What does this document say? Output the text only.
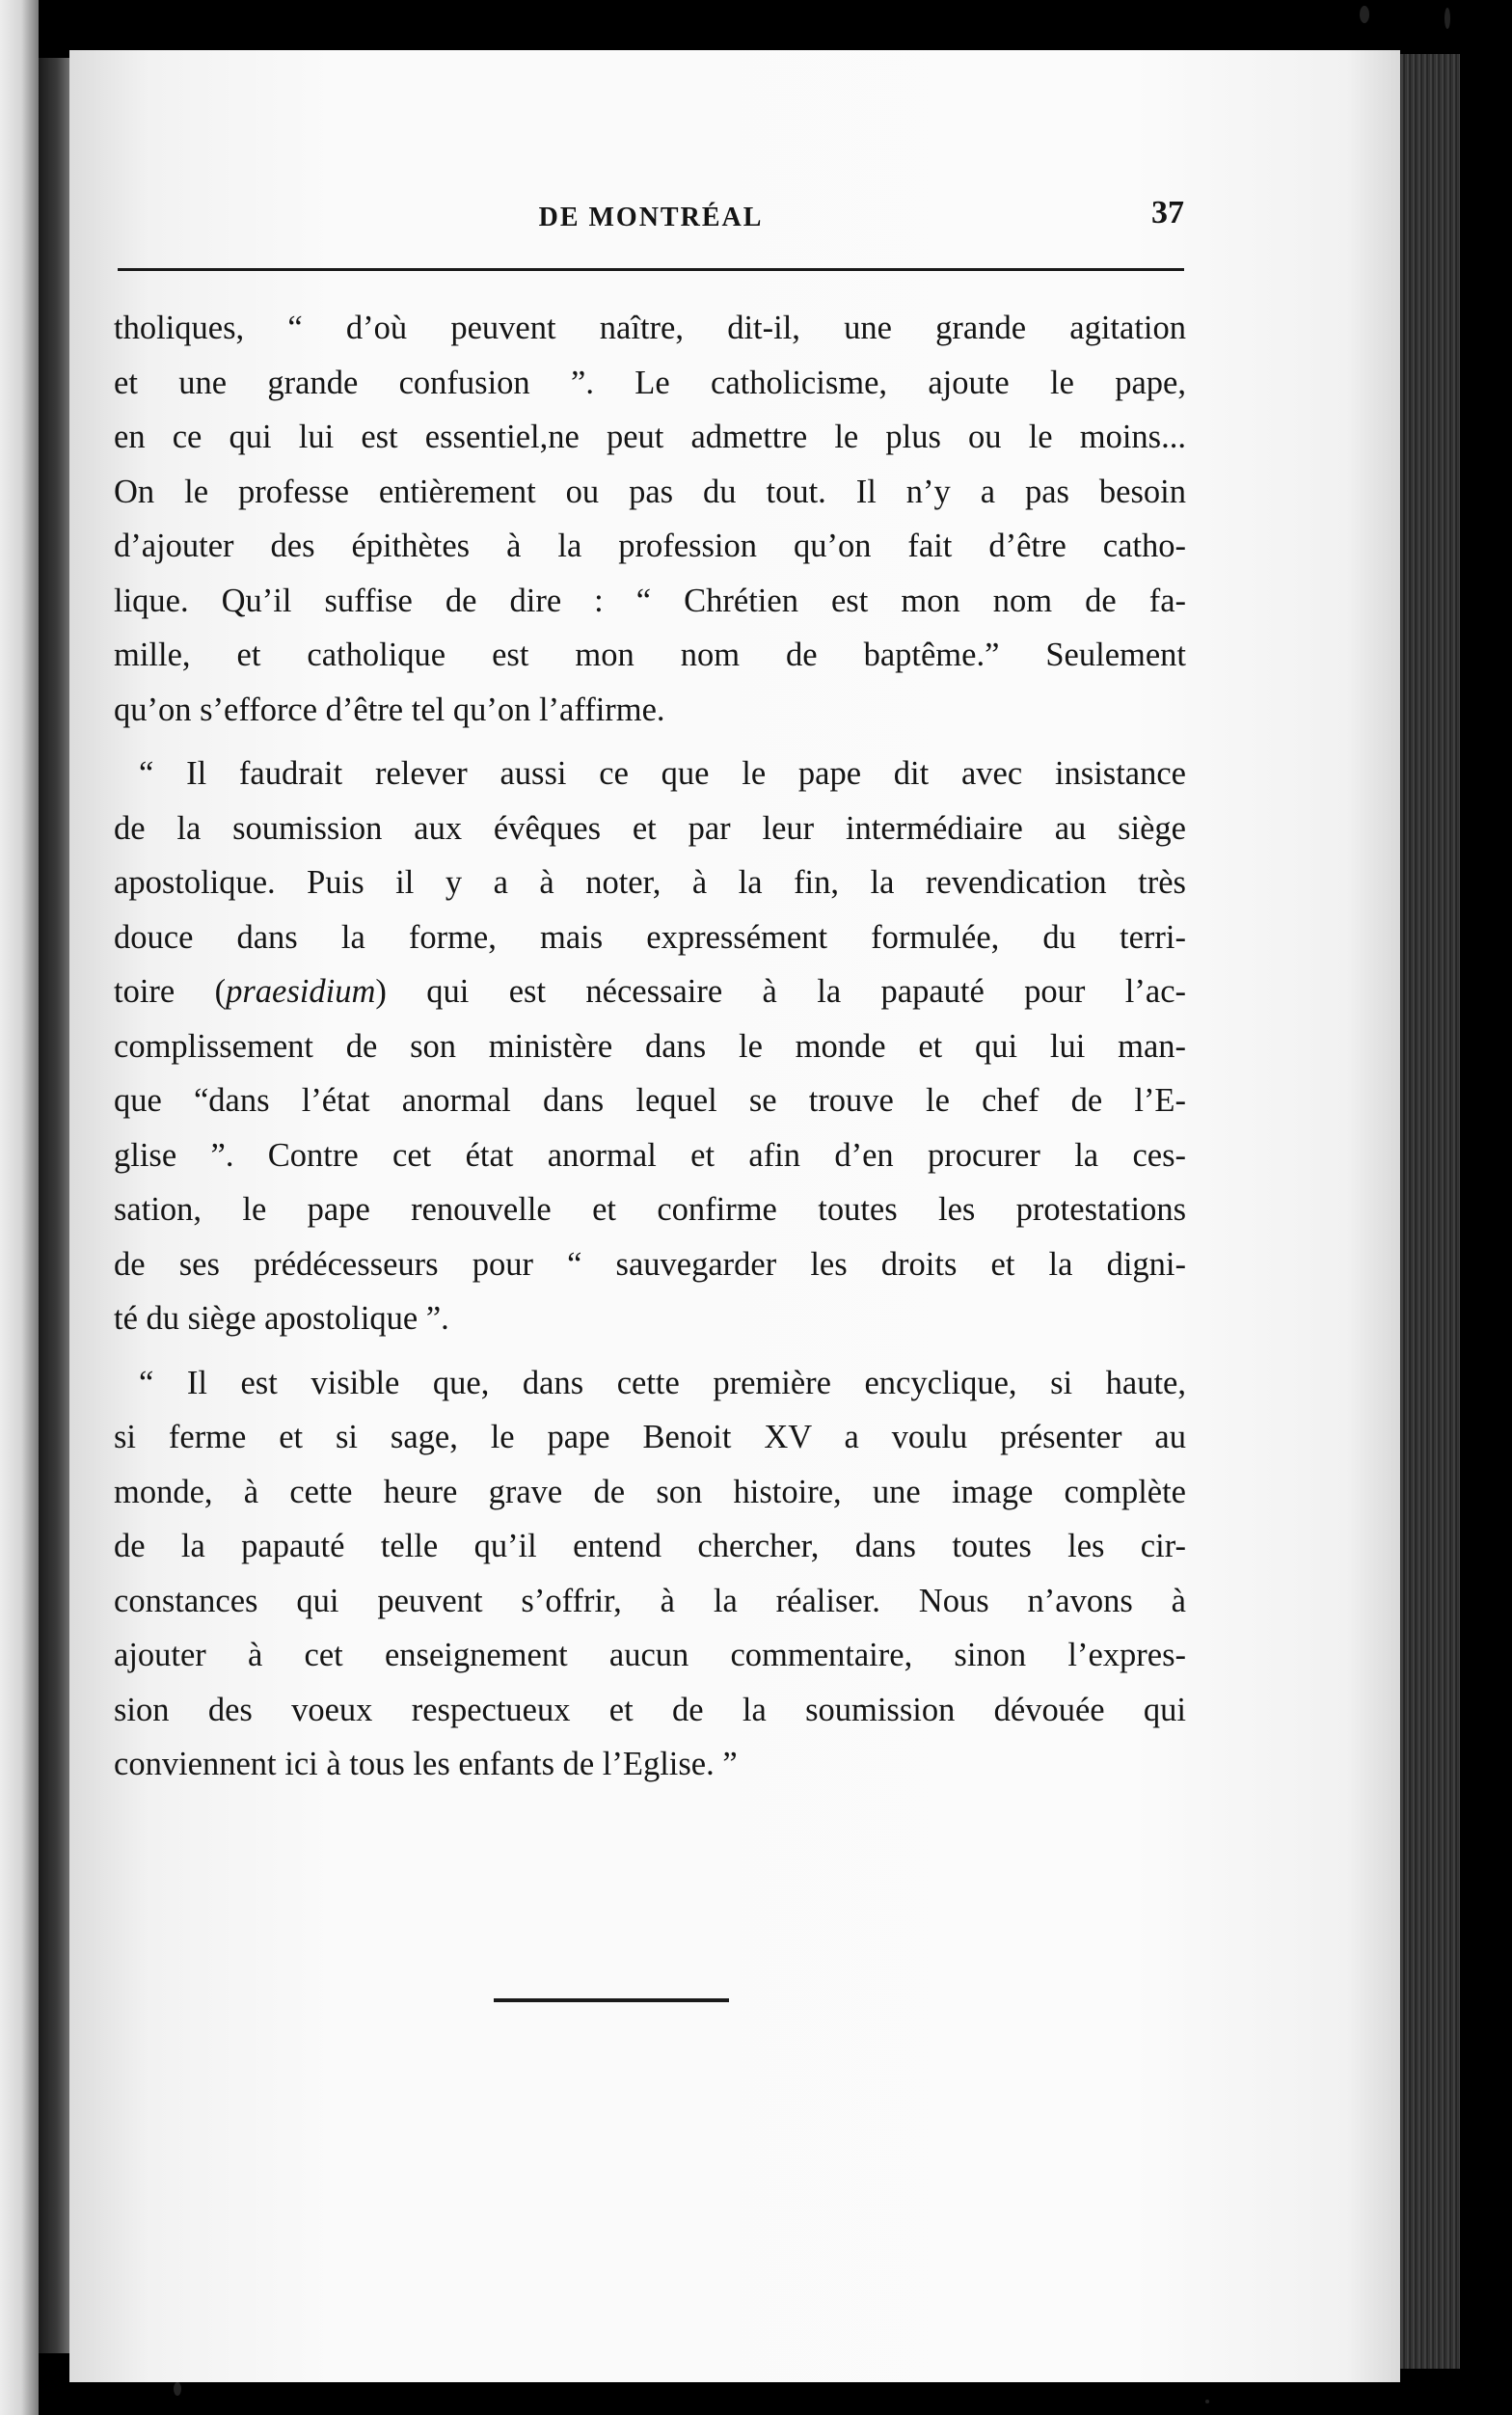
DE MONTRÉAL	37
tholiques, “ d’où peuvent naître, dit-il, une grande agitation
et une grande confusion ”. Le catholicisme, ajoute le pape,
en ce qui lui est essentiel,ne peut admettre le plus ou le moins...
On le professe entièrement ou pas du tout. Il n’y a pas besoin
d’ajouter des épithètes à la profession qu’on fait d’être catho-
lique. Qu’il suffise de dire : “ Chrétien est mon nom de fa-
mille, et catholique est mon nom de baptême.” Seulement
qu’on s’efforce d’être tel qu’on l’affirme.
“ Il faudrait relever aussi ce que le pape dit avec insistance
de la soumission aux évêques et par leur intermédiaire au siège
apostolique. Puis il y a à noter, à la fin, la revendication très
douce dans la forme, mais expressément formulée, du terri-
toire (praesidium) qui est nécessaire à la papauté pour l’ac-
complissement de son ministère dans le monde et qui lui man-
que “dans l’état anormal dans lequel se trouve le chef de l’E-
glise ”. Contre cet état anormal et afin d’en procurer la ces-
sation, le pape renouvelle et confirme toutes les protestations
de ses prédécesseurs pour “ sauvegarder les droits et la digni-
té du siège apostolique ”.
“ Il est visible que, dans cette première encyclique, si haute,
si ferme et si sage, le pape Benoit XV a voulu présenter au
monde, à cette heure grave de son histoire, une image complète
de la papauté telle qu’il entend chercher, dans toutes les cir-
constances qui peuvent s’offrir, à la réaliser. Nous n’avons à
ajouter à cet enseignement aucun commentaire, sinon l’expres-
sion des voeux respectueux et de la soumission dévouée qui
conviennent ici à tous les enfants de l’Eglise. ”
